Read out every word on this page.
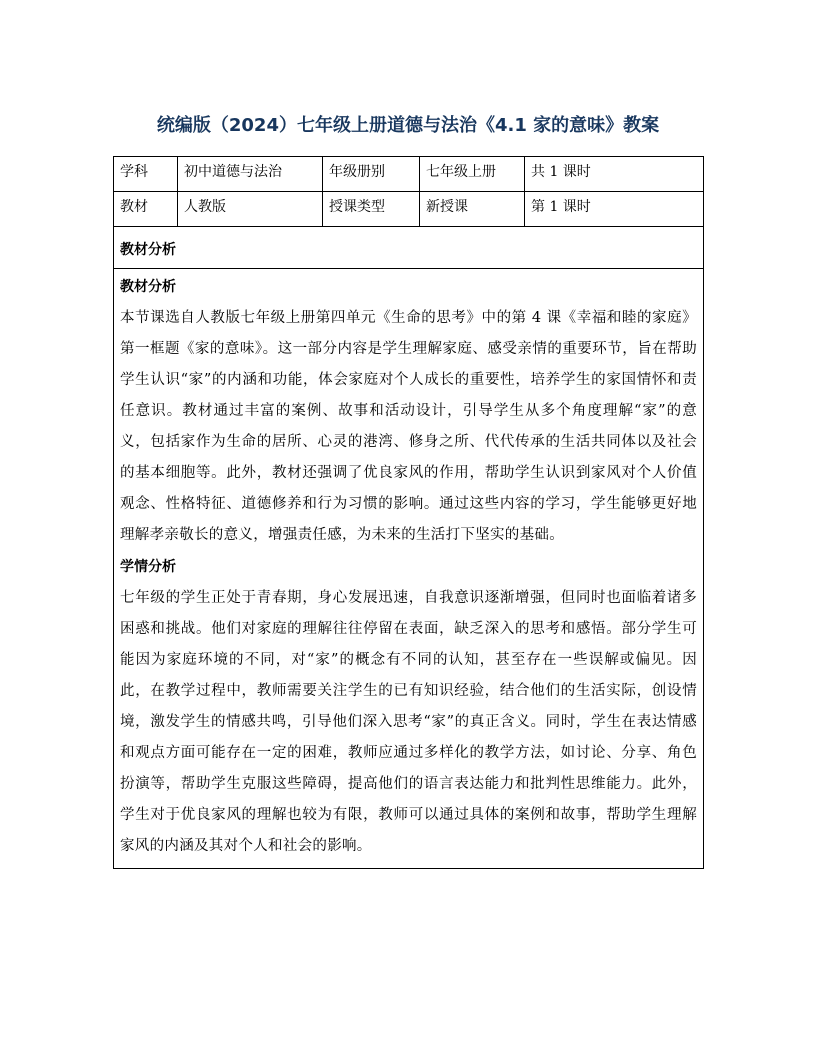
统编版（2024）七年级上册道德与法治《4.1 家的意味》教案
学科	初中道德与法治	年级册别	七年级上册	共 1 课时
教材	人教版	授课类型	新授课	第 1 课时
教材分析				

教材分析

本节课选自人教版七年级上册第四单元《生命的思考》中的第 4 课《幸福和睦的家庭》第一框题《家的意味》。这一部分内容是学生理解家庭、感受亲情的重要环节，旨在帮助学生认识“家”的内涵和功能，体会家庭对个人成长的重要性，培养学生的家国情怀和责任意识。教材通过丰富的案例、故事和活动设计，引导学生从多个角度理解“家”的意义，包括家作为生命的居所、心灵的港湾、修身之所、代代传承的生活共同体以及社会的基本细胞等。此外，教材还强调了优良家风的作用，帮助学生认识到家风对个人价值观念、性格特征、道德修养和行为习惯的影响。通过这些内容的学习，学生能够更好地理解孝亲敬长的意义，增强责任感，为未来的生活打下坚实的基础。

学情分析

七年级的学生正处于青春期，身心发展迅速，自我意识逐渐增强，但同时也面临着诸多困惑和挑战。他们对家庭的理解往往停留在表面，缺乏深入的思考和感悟。部分学生可能因为家庭环境的不同，对“家”的概念有不同的认知，甚至存在一些误解或偏见。因此，在教学过程中，教师需要关注学生的已有知识经验，结合他们的生活实际，创设情境，激发学生的情感共鸣，引导他们深入思考“家”的真正含义。同时，学生在表达情感和观点方面可能存在一定的困难，教师应通过多样化的教学方法，如讨论、分享、角色扮演等，帮助学生克服这些障碍，提高他们的语言表达能力和批判性思维能力。此外，学生对于优良家风的理解也较为有限，教师可以通过具体的案例和故事，帮助学生理解家风的内涵及其对个人和社会的影响。				
